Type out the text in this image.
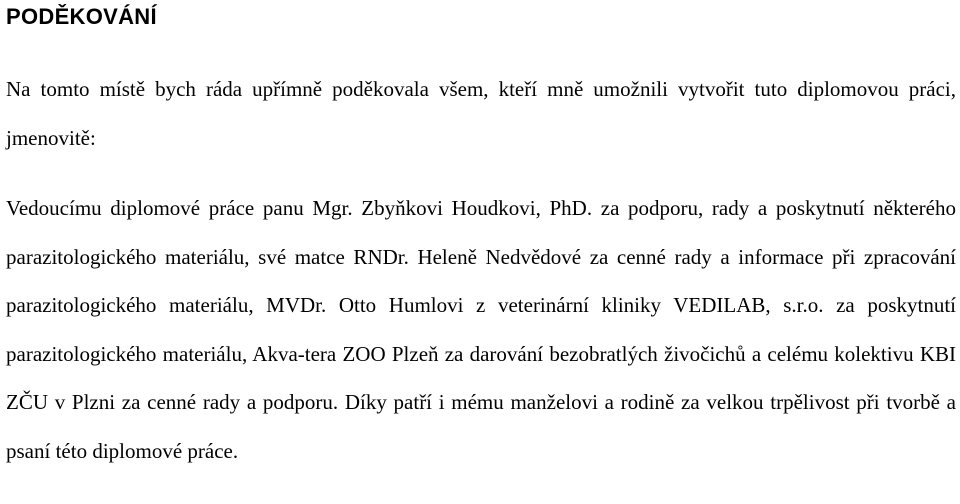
PODĚKOVÁNÍ

Na tomto místě bych ráda upřímně poděkovala všem, kteří mně umožnili vytvořit tuto diplomovou práci, jmenovitě:

Vedoucímu diplomové práce panu Mgr. Zbyňkovi Houdkovi, PhD. za podporu, rady a poskytnutí některého parazitologického materiálu, své matce RNDr. Heleně Nedvědové za cenné rady a informace při zpracování parazitologického materiálu, MVDr. Otto Humlovi z veterinární kliniky VEDILAB, s.r.o. za poskytnutí parazitologického materiálu, Akva-tera ZOO Plzeň za darování bezobratlých živočichů a celému kolektivu KBI ZČU v Plzni za cenné rady a podporu. Díky patří i mému manželovi a rodině za velkou trpělivost při tvorbě a psaní této diplomové práce.
